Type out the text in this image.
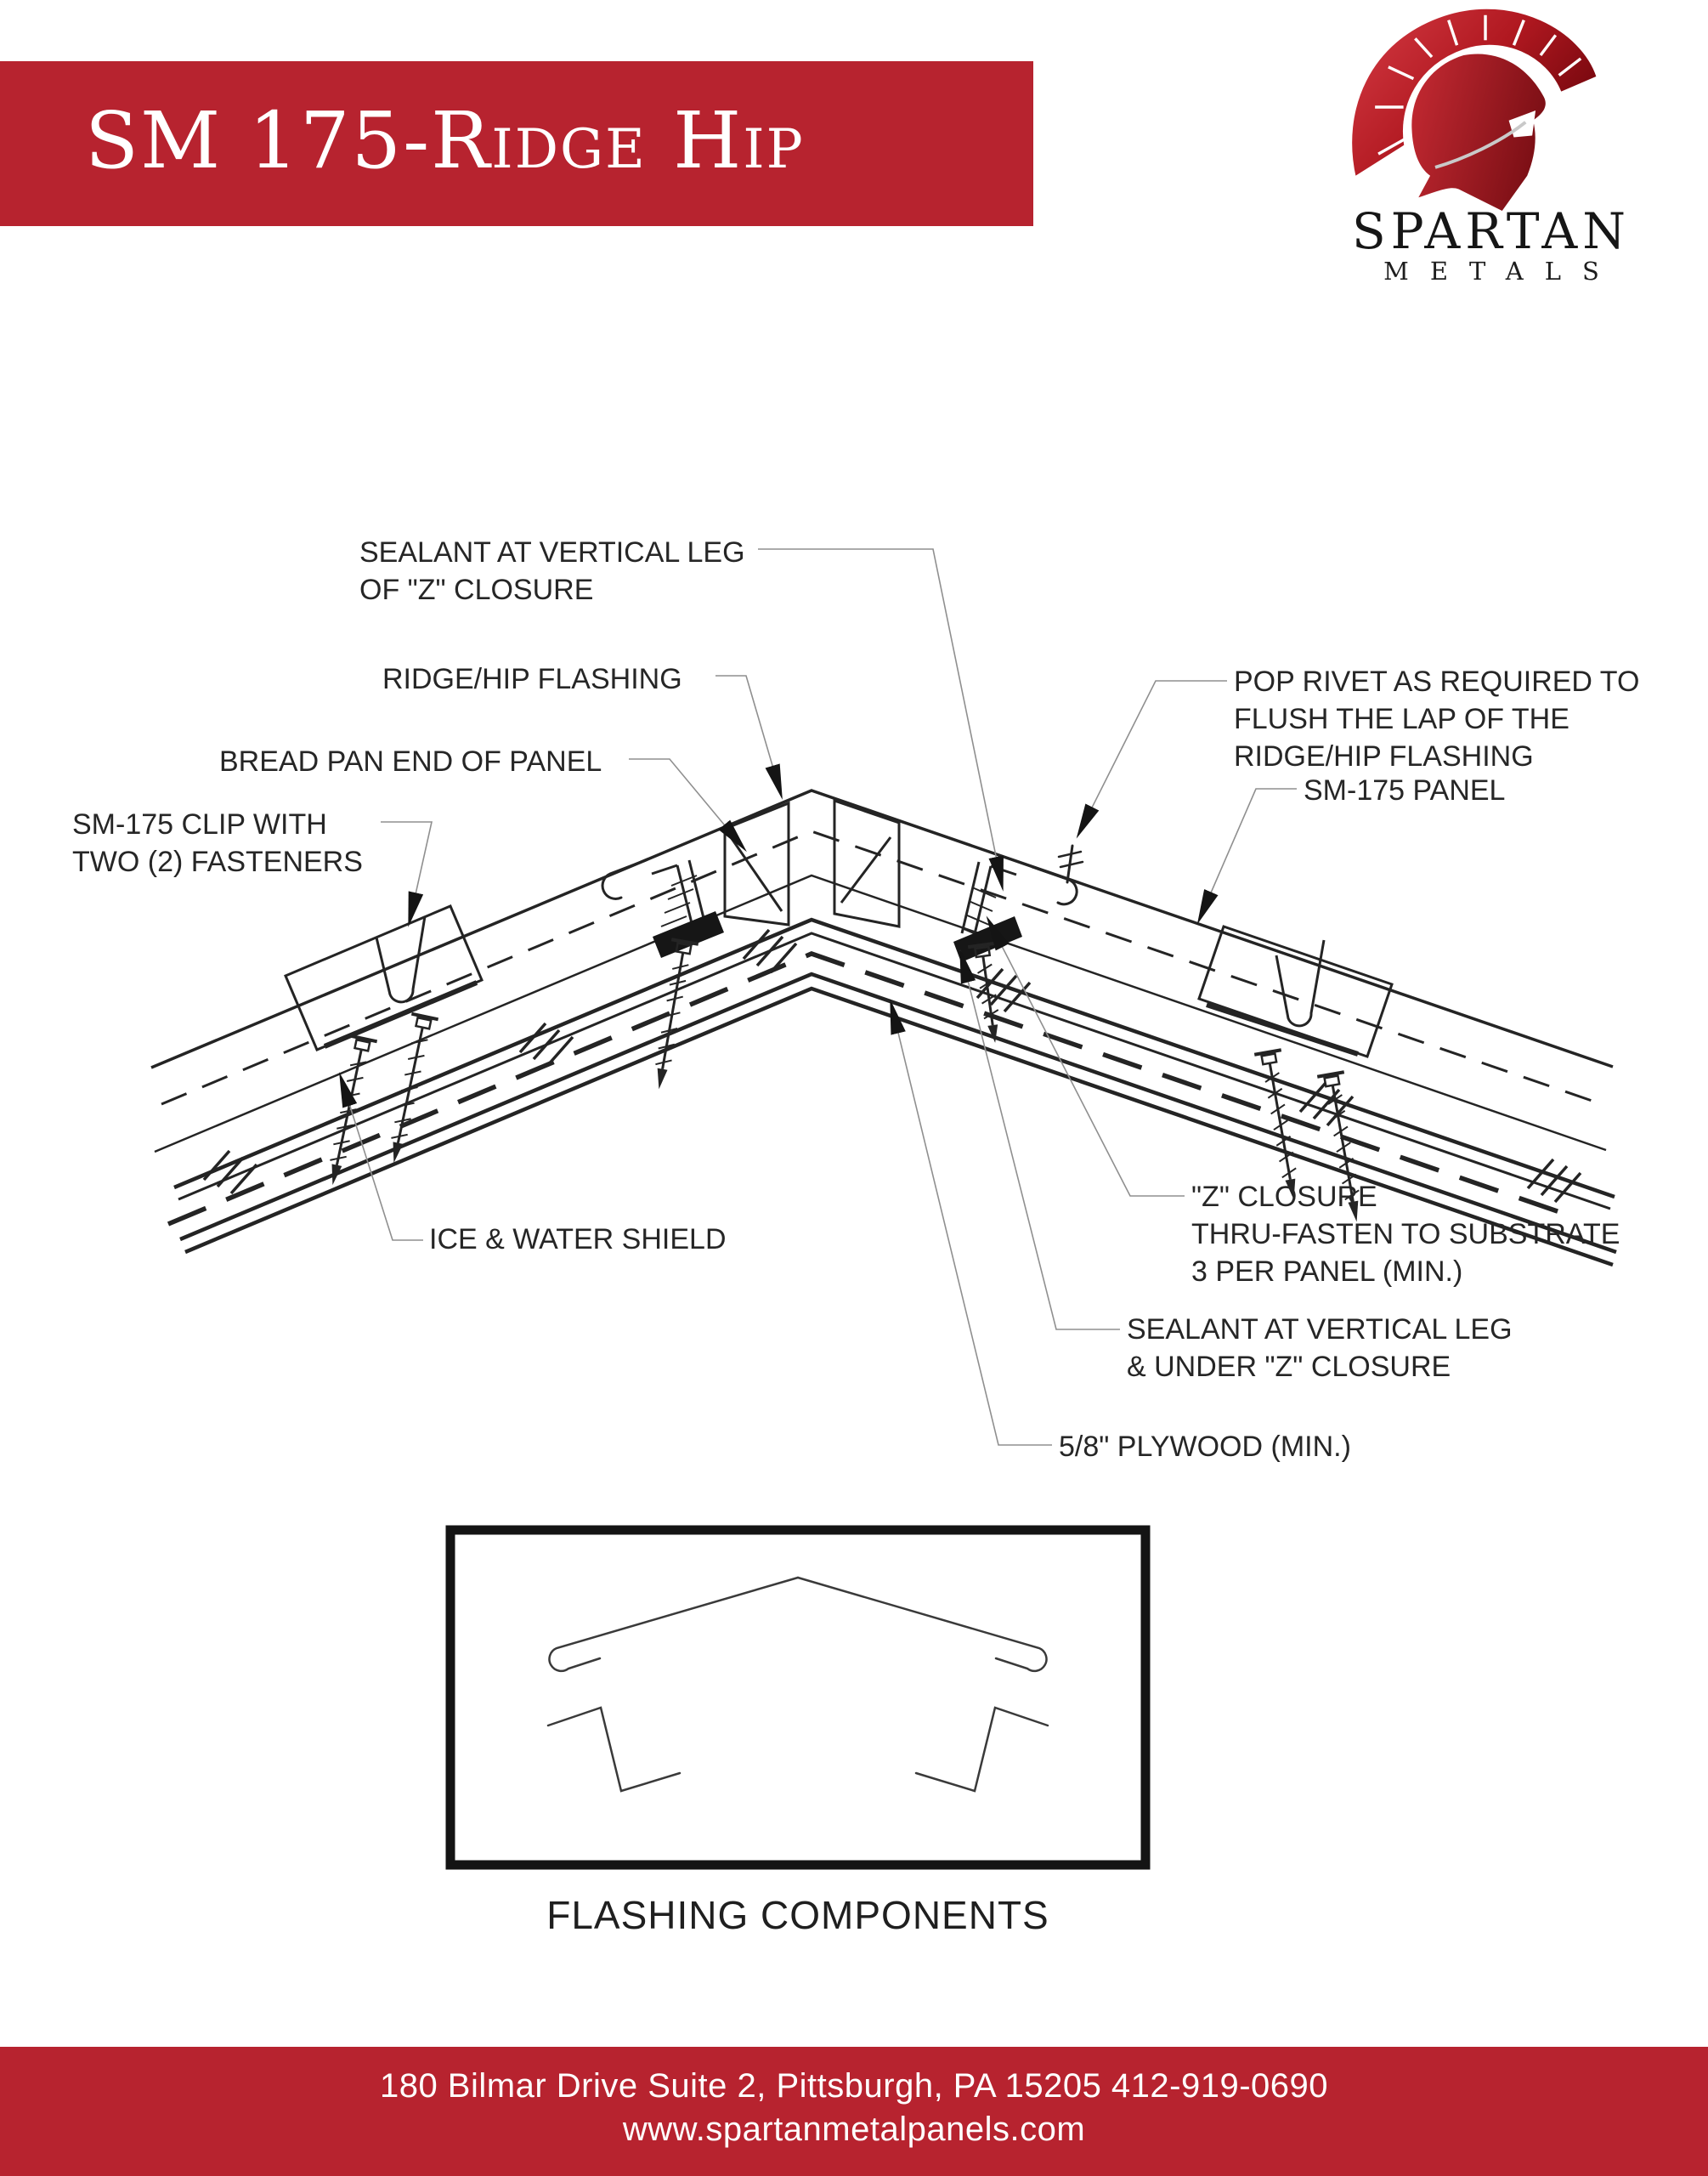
SM 175-Ridge Hip
SPARTAN
METALS
SEALANT AT VERTICAL LEG
OF "Z" CLOSURE
RIDGE/HIP FLASHING
BREAD PAN END OF PANEL
SM-175 CLIP WITH
TWO (2) FASTENERS
POP RIVET AS REQUIRED TO
FLUSH THE LAP OF THE
RIDGE/HIP FLASHING
SM-175 PANEL
ICE & WATER SHIELD
"Z" CLOSURE
THRU-FASTEN TO SUBSTRATE
3 PER PANEL (MIN.)
SEALANT AT VERTICAL LEG
& UNDER "Z" CLOSURE
5/8" PLYWOOD (MIN.)
FLASHING COMPONENTS
180 Bilmar Drive Suite 2, Pittsburgh, PA 15205 412-919-0690
www.spartanmetalpanels.com
